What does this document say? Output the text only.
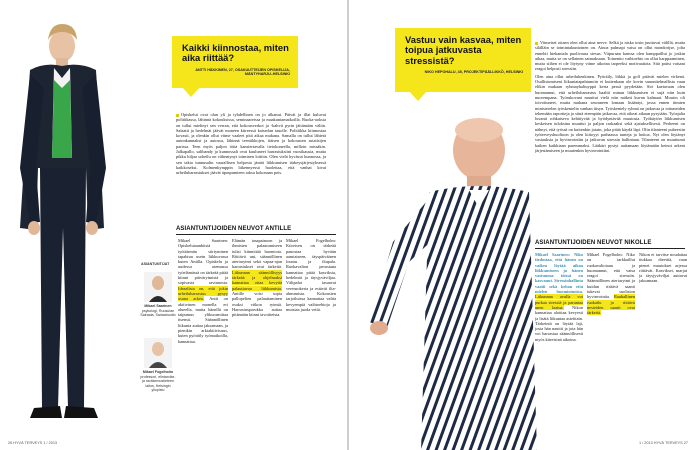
Kaikki kiinnostaa, miten aika riittää?
ANTTI HÄKKINEN, 27, OSAKUUTTEIJEN OPISKELIJA, MÄNTYHARJU–HELSINKI
Opiskelut ovat olan yli ja tyhdellinen on jo alkanut. Päivät ja illat kuluvat politiikassa, lähinnä kokouksissa, seminaareissa ja maakuntamatkoilla. Ruoka-aoksia on tullut mielinyt sen verran, että kokousverkot ja -kahvit pyrin jättämään väliin. Salaatti ja hedelmät jäävät moneen kiireessä kaiserlan tauolle. Politiikka kiinnostaa kovasti, ja olenkin ollut viime vaaleet pitä aikaa mukana. Samalla on tullut lähtetä autonkunnaksi ja autossa, lähinnä teeniikkojen, itäisen ja kokousten asiaitsijen parissa. Teen myös paljon töitä kansiertavalla tietokoneella, milloin missäkin. Jalkapallo, salibandy ja kunnossali ovat kuuluneet harrastuksiini vuosikausia, mutta pikku hiljaa urheilu on vähentynyt toiminen loittiin. Olen vielä hyvässä kunnossa, ja sen takia tunnusalin vaarallisen helposta jäntiä liikkumisen tärkeysjärjestyksessä kaikkoseksi. Kolmenkymppin liikennyessä huolettaa, että vanhat kivat urheiluharrastukset jäävät äpaspumteen raksa kokonaan pois.
ASIANTUNTIJOIDEN NEUVOT ANTILLE
ASIANTUNTIJAT
Mikael Saarinen
psykologi, Ruusulan Sairaala, Sairaahuolto
Mikael Fogelholm
professori, elintarvike- ja ravitsemustieteen laitos, Helsingin yliopisto
Mikael Saarinen: Opiskelutaankiistä työtiärmän siirtyminen tapahtuu usein liikkuvassa kuten Antilla. Opiskelu ja uudessa asemassa työelämässä on tärkeää pitää kiinni päivärytmistä ja sopivasta ravinnosta. Ideaalista on, että jokin urheiluharrastus pysyy osana arkea. Antti on aktiivinen monella eri alueella, mutta hänellä on taipumus ylikuormittaa itsensä. Säännöllinen liikunta auttaa jaksamaan, ja pienikin arkiaktiivisuus, kuten pyöräily työmatkoilla, kannattaa.
Elämän tasapainoon ja ihmisten palautumiseen tulisi kiinnittää huomiota. Riittävä uni, säännöllinen ateriarytmi sekä vapaa-ajan harrastukset ovat tärkeitä. Liikunnan säännöllisyys tärkeää ja ohjelmaksi kannattaa ottaa kevyttä palauttavaa liikkumista. Antille voisi sopia pallopelien palauttaminen osaksi viikon rytmiä. Harrastusporukka auttaa pitämään kiinni tavoitteista.
Mikael Fogelholm: Kiireisen on tärkeää panostaa hyvään aamiaiseen, täyspäiväinen lounas ja iltapala. Ruokavalion perustana kannattaa pitää kasviksia, hedelmiä ja täysjyväviljaa. Välipalat tasaavat verensokeria ja estävät ilta-ahmimista. Kokousten tarjoiluissa kannattaa valita kevyempiä vaihtoehtoja ja muistaa juoda vettä.
26 HYVÄ TERVEYS 1 / 2013
Vastuu vain kasvaa, miten toipua jatkuvasta stressistä?
NIKO HEPOHALU, 45, PROJEKTIPÄÄLLIKKÖ, HELSINKI

Viimeiset ottaen olen ollut aina nerve. Selkä ja niska tosin juuttuvat välillä, mutta silälläin se toimintakuntoinen on. Ainoa pulmapi vatsa on ollut mondorijse, jolta ennehti hiekantala puolivaara siesus. Viipuraan kanssa olen kamppaillut jo joskin aikaa, mutta se on sellainen saimaksaan. Toinentto vaihtoehto on ollut karppaaminen, mutta siihen ei ole löytyny viime aikoina tarpeeksi motivaatiota. Sitä paitsi vatsani reagoi helposti stressiin.

Olen aina ollut urheiluhenkinen. Pyöräily, liikkä ja golf pitävät mielen virkenä. Osallistumiseni liikuntatapahtumiin ei kuitenkaan ole kovin suunnitelmallista vaan elikin mukaan ryhmayhaltuyppä kerta pessä pyydetään. Siri kaetavaan olen huomannut, että urheiluharrastus haaltti minun liikkumisen ei sujä niin kuin nuorempana. Työrukovani muuttui vielä niin mäkeä kuvan kalmaat. Muutos oli toivottuneet, mutta mukana seuraneen lomaan lisääntyi, jossa ennen tiimien ministerelen työskentelin vanhan tiisyn. Työskentely ryhmä on jatkuvaa ja tottuneiden tekemään raportteja ja siinä eteenpäin jatkuvaa, että oikeat aikaan pysytään. Työajalta luvanti rohkaiseva kehittyvää ja hyödyntävää muutosta. Työkäytön liikkumisen keskeisen tuloksina muuttui ja paljon raskaaksi sekä ajatuksellisesti. Perheeni on nähnyt, että työssä on kuitenkin jotain, joka pitää käydä läpi. Olin tilanteeni puheesiin työterveyshuoltoon ja olen kiitoyyt parhaassa tunteja ja hoitoa. Nyt olen löytänyt vastauksia ja hyvinvointiin ja jatkuvan stressin hallintaan. Tilanteeni on muuttunut kaiken kaikkiaan paremmaksi. Lääkäri pystyi auttamaan löytämään keinot arkeni järjestämiseen ja muutenkin hyvinvointiini.

ASIANTUNTIJOIDEN NEUVOT NIKOLLE
Mikael Saarinen: Niko tiedostaa, että hänen on vaikea löytää aikaa liikkumiseen ja hänen vastuunsa töissä on kasvanut. Stressinhallinta vaatii sekä kehon että mielen huomioimista. Liikunnan avulla voi purkaa stressiä ja parantaa unen laatua. Nikon kannattaa aloittaa kevyesti ja lisätä liikuntaa asteittain. Tärkeintä on löytää laji, josta hän nauttii ja jota hän voi harrastaa säännöllisesti myös kiireisinä aikoina.
Mikael Fogelholm: Niko on tarkkaillut ruokavaliotaan ja huomannut, että vatsa reagoi stressiin. Säännöllinen ateriarytmi ja kuidun riittävä saanti tukevat suoliston hyvinvointia. Rauhallinen ruokailu ja riittävä nesteiden saanti ovat tärkeitä.
Nikon ei tarvitse noudattaa tiukkaa dieettiä, vaan pienet muutokset arjessa riittävät. Kasvikset, marjat ja täysjyväviljat auttavat jaksamaan.
1 / 2013 HYVÄ TERVEYS 27
